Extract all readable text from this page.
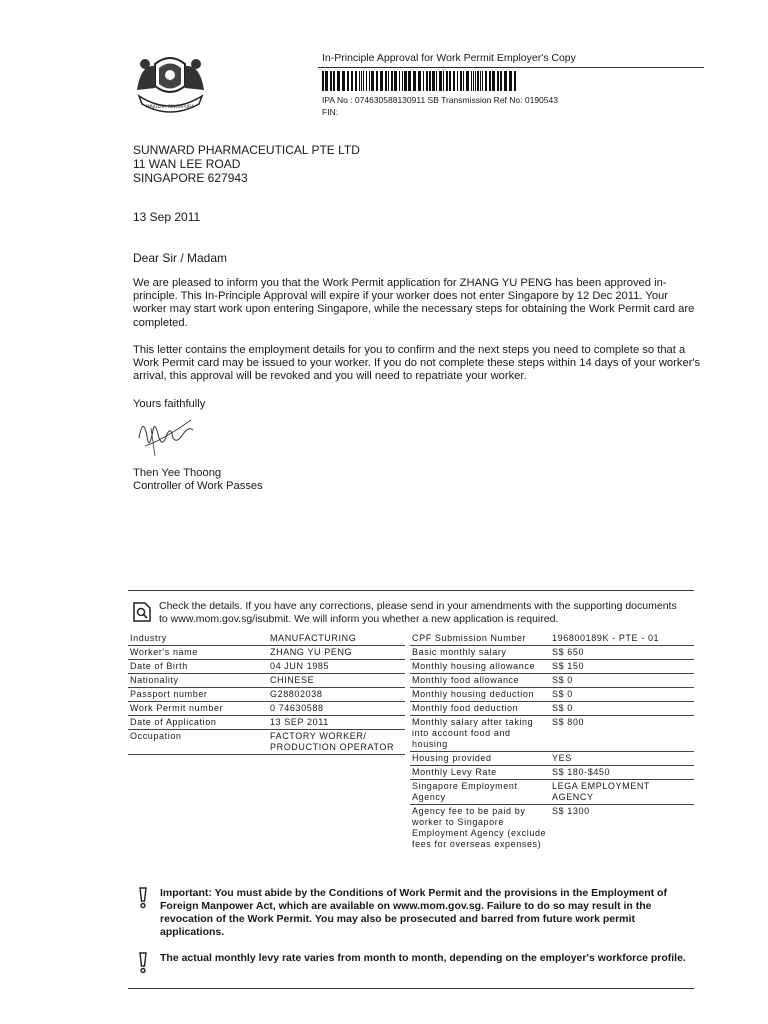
MAJULAH SINGAPURA
In-Principle Approval for Work Permit Employer's Copy
IPA No : 074630588130911 SB Transmission Ref No: 0190543
FIN:
SUNWARD PHARMACEUTICAL PTE LTD
11 WAN LEE ROAD
SINGAPORE 627943
13 Sep 2011
Dear Sir / Madam
We are pleased to inform you that the Work Permit application for ZHANG YU PENG has been approved in-principle. This In-Principle Approval will expire if your worker does not enter Singapore by 12 Dec 2011. Your worker may start work upon entering Singapore, while the necessary steps for obtaining the Work Permit card are completed.
This letter contains the employment details for you to confirm and the next steps you need to complete so that a Work Permit card may be issued to your worker. If you do not complete these steps within 14 days of your worker's arrival, this approval will be revoked and you will need to repatriate your worker.
Yours faithfully
Then Yee Thoong
Controller of Work Passes
Check the details. If you have any corrections, please send in your amendments with the supporting documents to www.mom.gov.sg/isubmit. We will inform you whether a new application is required.
Industry	MANUFACTURING
Worker's name	ZHANG YU PENG
Date of Birth	04 JUN 1985
Nationality	CHINESE
Passport number	G28802038
Work Permit number	0 74630588
Date of Application	13 SEP 2011
Occupation	FACTORY WORKER/ PRODUCTION OPERATOR
CPF Submission Number	196800189K - PTE - 01
Basic monthly salary	S$ 650
Monthly housing allowance	S$ 150
Monthly food allowance	S$ 0
Monthly housing deduction	S$ 0
Monthly food deduction	S$ 0
Monthly salary after taking into account food and housing	S$ 800
Housing provided	YES
Monthly Levy Rate	S$ 180-$450
Singapore Employment Agency	LEGA EMPLOYMENT AGENCY
Agency fee to be paid by worker to Singapore Employment Agency (exclude fees for overseas expenses)	S$ 1300
Important: You must abide by the Conditions of Work Permit and the provisions in the Employment of Foreign Manpower Act, which are available on www.mom.gov.sg. Failure to do so may result in the revocation of the Work Permit. You may also be prosecuted and barred from future work permit applications.
The actual monthly levy rate varies from month to month, depending on the employer's workforce profile.
